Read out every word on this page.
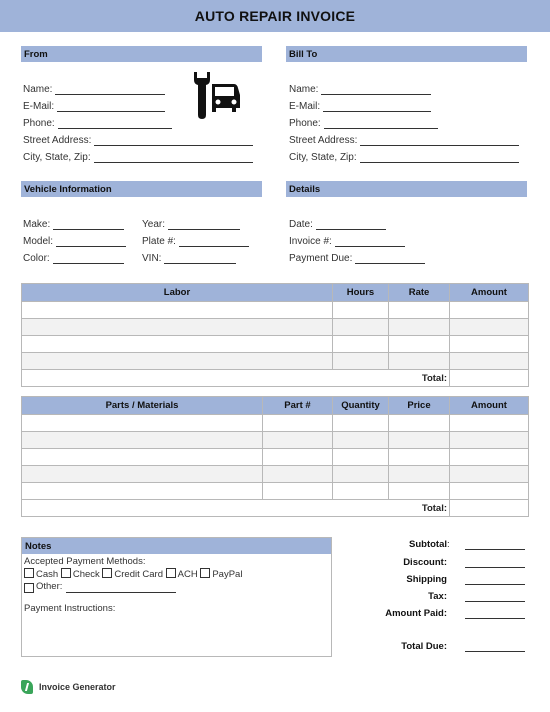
AUTO REPAIR INVOICE
From
Name:
E-Mail:
Phone:
Street Address:
City, State, Zip:
Bill To
Name:
E-Mail:
Phone:
Street Address:
City, State, Zip:
Vehicle Information
Make:
Model:
Color:
Year:
Plate #:
VIN:
Details
Date:
Invoice #:
Payment Due:
Labor	Hours	Rate	Amount

Total:			
Parts / Materials	Part #	Quantity	Price	Amount

Total:				
Notes
Accepted Payment Methods:
Cash Check Credit Card ACH PayPal
Other:
Payment Instructions:
Subtotal :
Discount:
Shipping
Tax:
Amount Paid:
Total Due:
Invoice Generator
